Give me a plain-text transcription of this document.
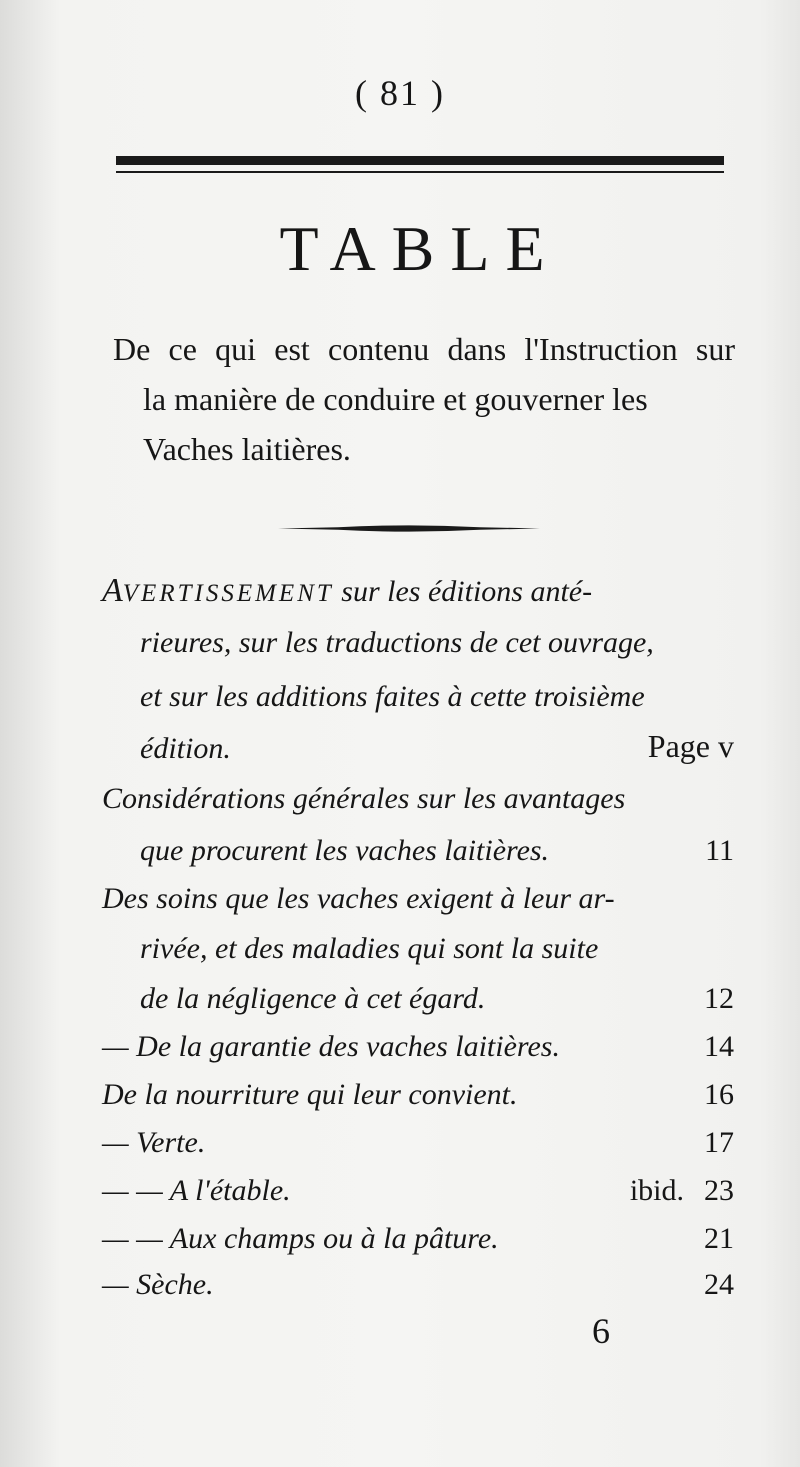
( 81 )
TABLE
De ce qui est contenu dans l'Instruction sur
la manière de conduire et gouverner les
Vaches laitières.
AVERTISSEMENT sur les éditions anté-
rieures, sur les traductions de cet ouvrage,
et sur les additions faites à cette troisième
édition.	Page v
Considérations générales sur les avantages
que procurent les vaches laitières.	11
Des soins que les vaches exigent à leur ar-
rivée, et des maladies qui sont la suite
de la négligence à cet égard.	12
— De la garantie des vaches laitières.	14
De la nourriture qui leur convient.	16
— Verte.	17
— — A l'étable.	ibid. 23
— — Aux champs ou à la pâture.	21
— Sèche.	24
6
